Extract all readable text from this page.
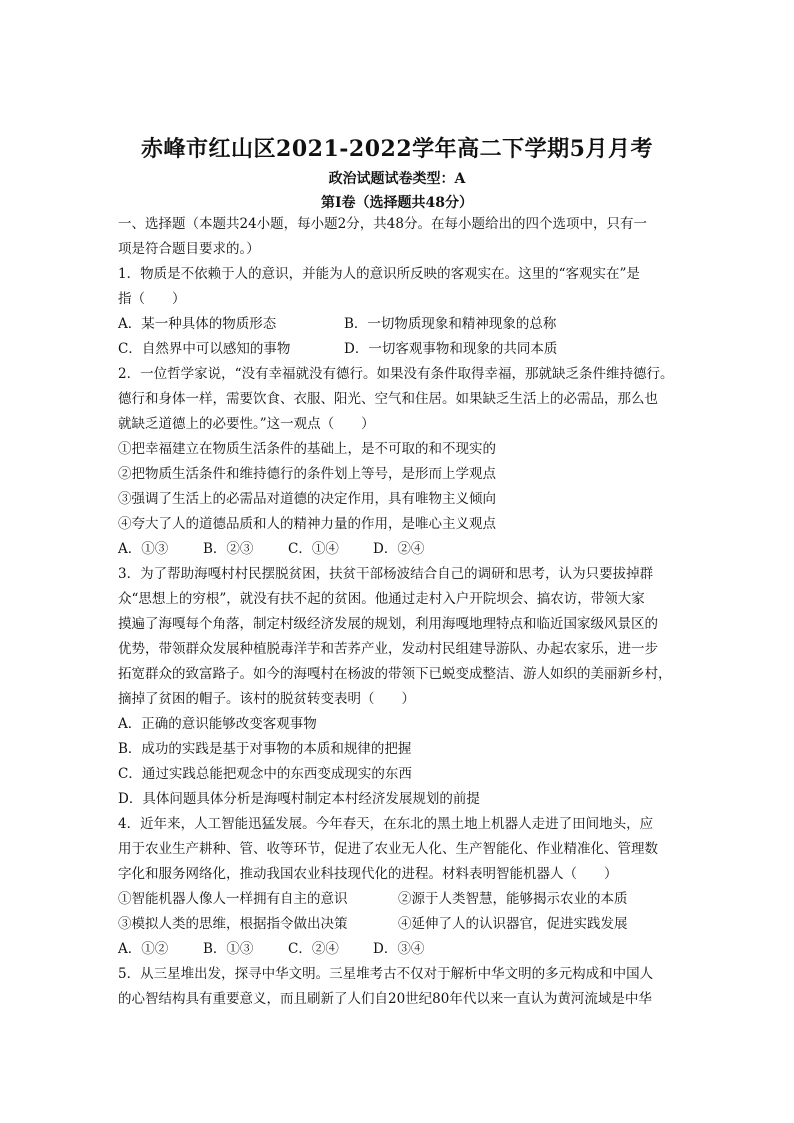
赤峰市红山区2021-2022学年高二下学期5月月考
政治试题试卷类型：A
第Ⅰ卷（选择题共48分）

一、选择题（本题共24小题，每小题2分，共48分。在每小题给出的四个选项中，只有一

项是符合题目要求的。）

1．物质是不依赖于人的意识，并能为人的意识所反映的客观实在。这里的“客观实在”是

指（　　）

A．某一种具体的物质形态	B．一切物质现象和精神现象的总称
C．自然界中可以感知的事物	D．一切客观事物和现象的共同本质

2．一位哲学家说，“没有幸福就没有德行。如果没有条件取得幸福，那就缺乏条件维持德行。

德行和身体一样，需要饮食、衣服、阳光、空气和住居。如果缺乏生活上的必需品，那么也

就缺乏道德上的必要性。”这一观点（　　）

①把幸福建立在物质生活条件的基础上，是不可取的和不现实的

②把物质生活条件和维持德行的条件划上等号，是形而上学观点

③强调了生活上的必需品对道德的决定作用，具有唯物主义倾向

④夸大了人的道德品质和人的精神力量的作用，是唯心主义观点

A．①③	B．②③	C．①④	D．②④

3．为了帮助海嘎村村民摆脱贫困，扶贫干部杨波结合自己的调研和思考，认为只要拔掉群

众“思想上的穷根”，就没有扶不起的贫困。他通过走村入户开院坝会、搞农访，带领大家

摸遍了海嘎每个角落，制定村级经济发展的规划，利用海嘎地理特点和临近国家级风景区的

优势，带领群众发展种植脱毒洋芋和苦荞产业，发动村民组建导游队、办起农家乐，进一步

拓宽群众的致富路子。如今的海嘎村在杨波的带领下已蜕变成整洁、游人如织的美丽新乡村，

摘掉了贫困的帽子。该村的脱贫转变表明（　　）

A．正确的意识能够改变客观事物

B．成功的实践是基于对事物的本质和规律的把握

C．通过实践总能把观念中的东西变成现实的东西

D．具体问题具体分析是海嘎村制定本村经济发展规划的前提

4．近年来，人工智能迅猛发展。今年春天，在东北的黑土地上机器人走进了田间地头，应

用于农业生产耕种、管、收等环节，促进了农业无人化、生产智能化、作业精准化、管理数

字化和服务网络化，推动我国农业科技现代化的进程。材料表明智能机器人（　　）

①智能机器人像人一样拥有自主的意识	②源于人类智慧，能够揭示农业的本质
③模拟人类的思维，根据指令做出决策	④延伸了人的认识器官，促进实践发展
A．①②	B．①③	C．②④	D．③④

5．从三星堆出发，探寻中华文明。三星堆考古不仅对于解析中华文明的多元构成和中国人

的心智结构具有重要意义，而且刷新了人们自20世纪80年代以来一直认为黄河流域是中华
